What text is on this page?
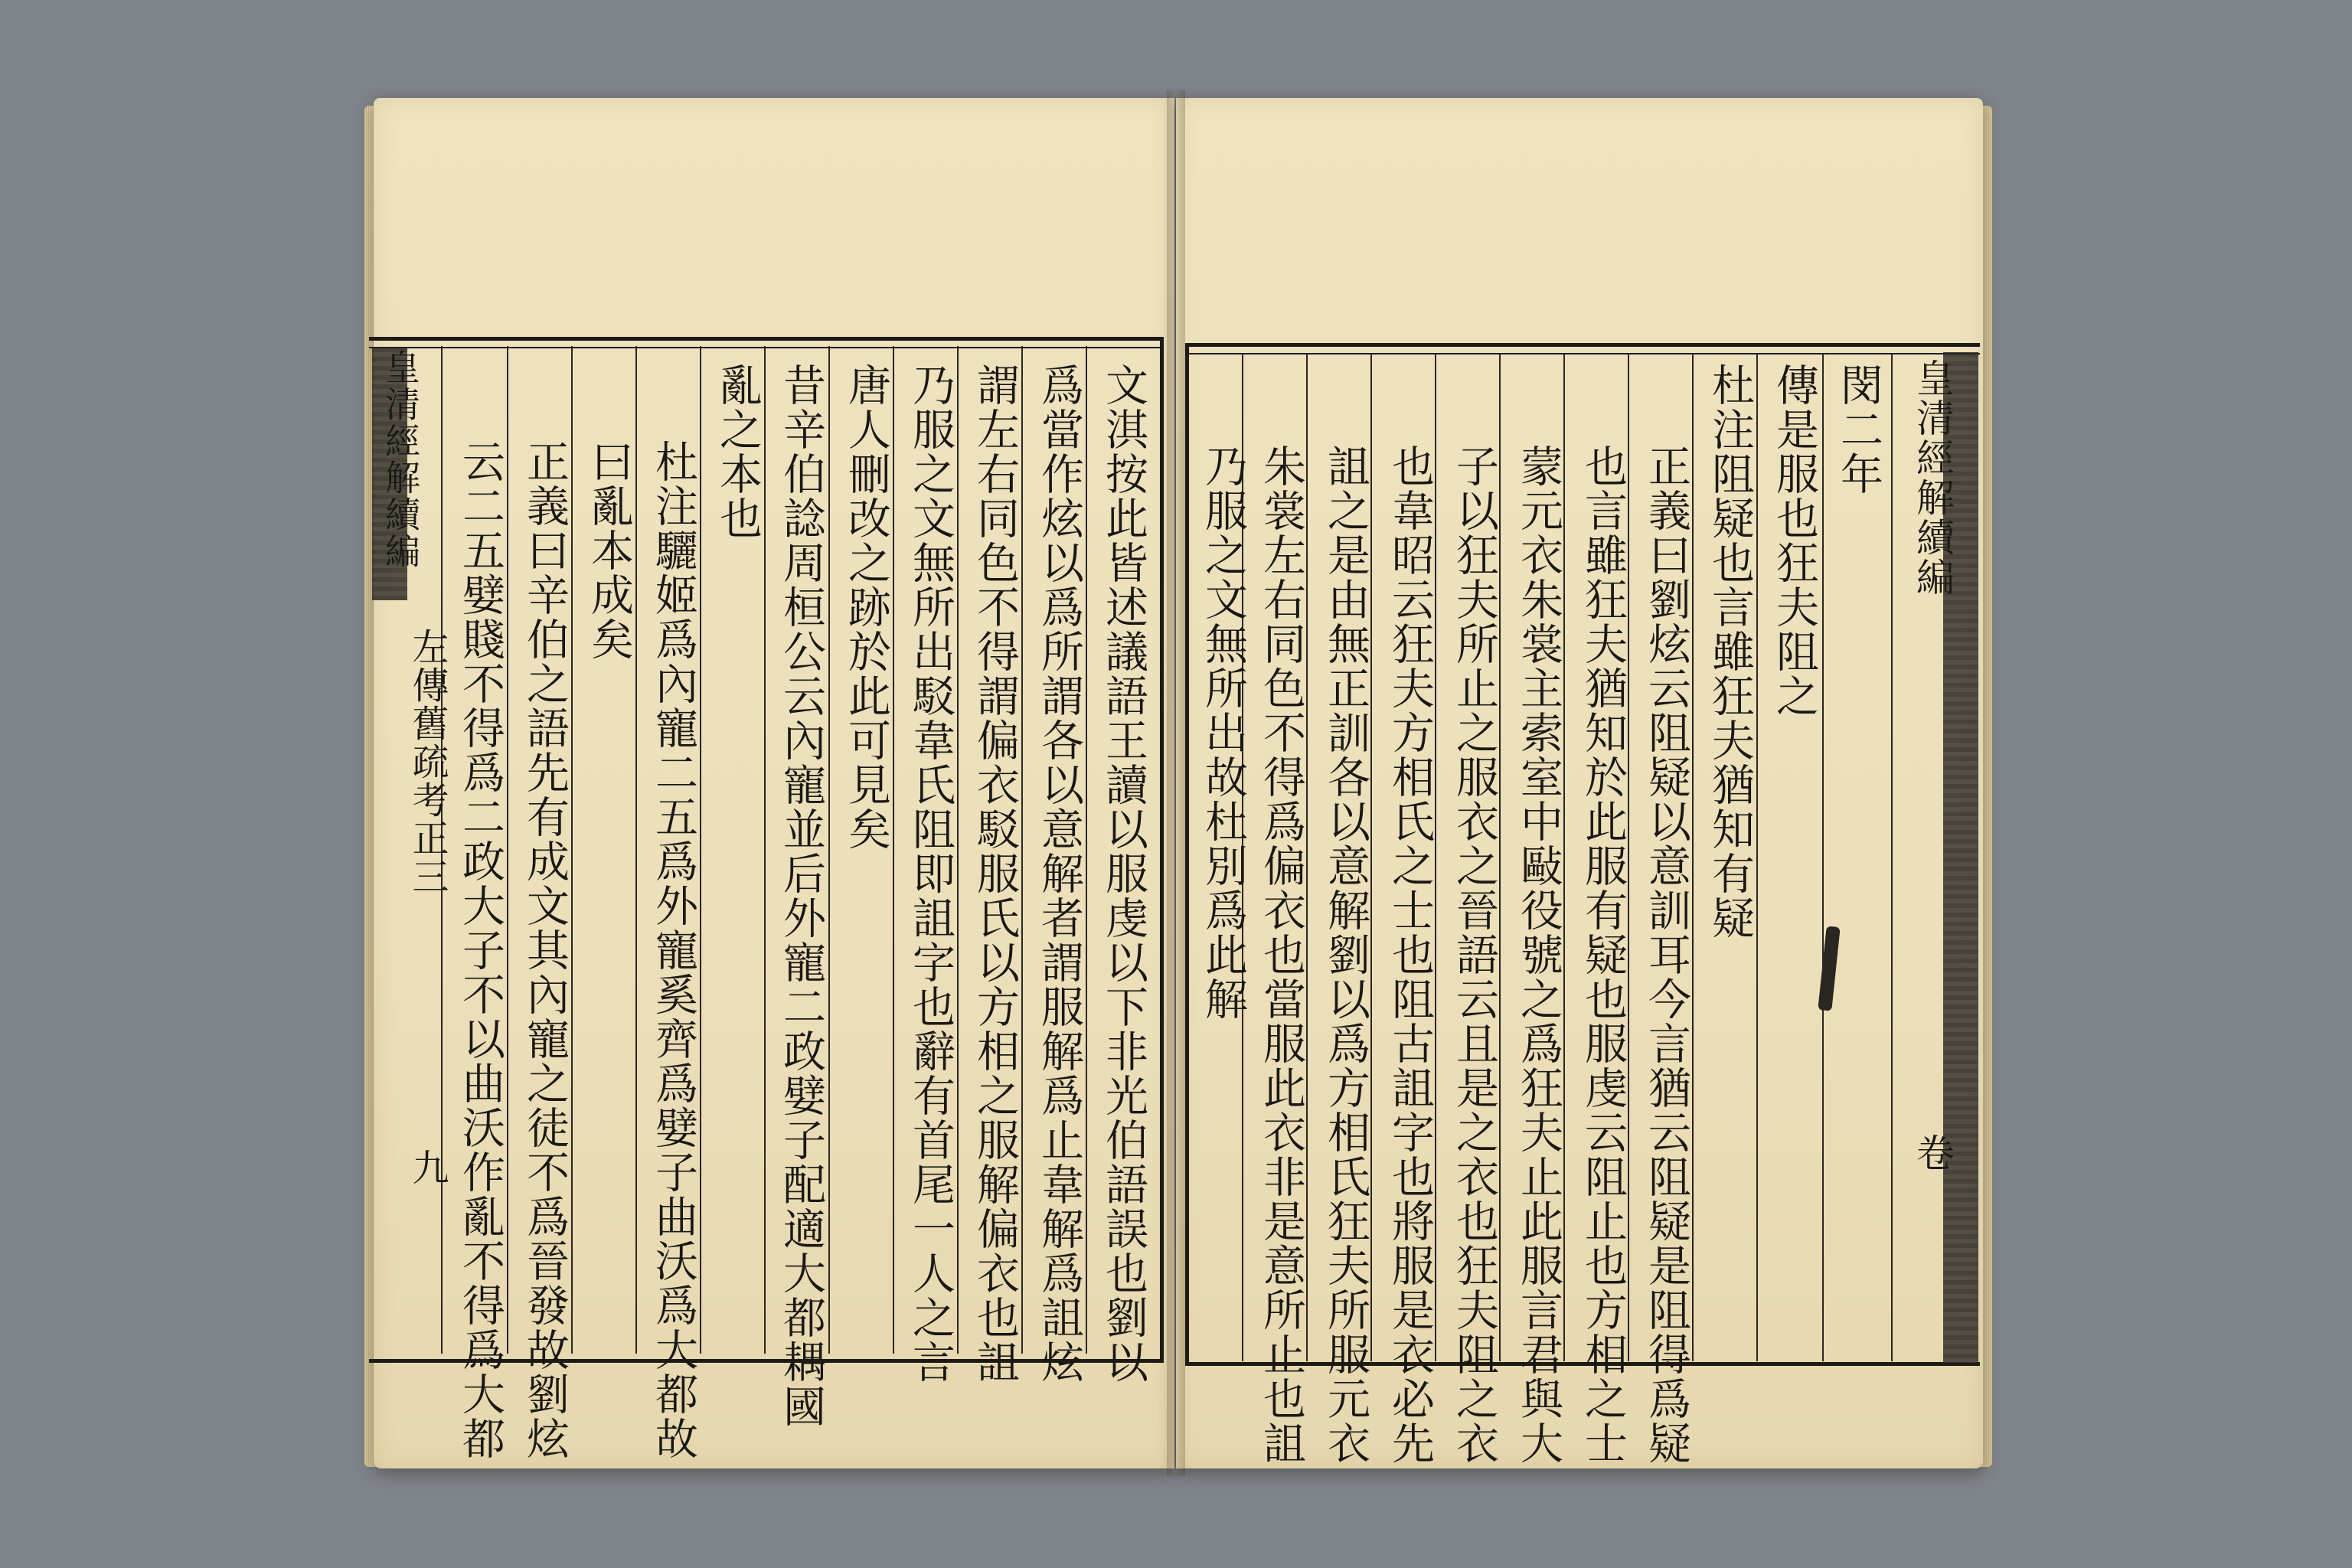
皇清經解續編
卷
閔二年
傳是服也狂夫阻之
杜注阻疑也言雖狂夫猶知有疑
正義曰劉炫云阻疑以意訓耳今言猶云阻疑是阻得爲疑
也言雖狂夫猶知於此服有疑也服虔云阻止也方相之士
蒙元衣朱裳主索室中敺役號之爲狂夫止此服言君與大
子以狂夫所止之服衣之晉語云且是之衣也狂夫阻之衣
也韋昭云狂夫方相氏之士也阻古詛字也將服是衣必先
詛之是由無正訓各以意解劉以爲方相氏狂夫所服元衣
朱裳左右同色不得爲偏衣也當服此衣非是意所止也詛
乃服之文無所出故杜別爲此解
文淇按此皆述議語王讀以服虔以下非光伯語誤也劉以
爲當作炫以爲所謂各以意解者謂服解爲止韋解爲詛炫
謂左右同色不得謂偏衣駁服氏以方相之服解偏衣也詛
乃服之文無所出駁韋氏阻即詛字也辭有首尾一人之言
唐人刪改之跡於此可見矣
昔辛伯諗周桓公云內寵並后外寵二政嬖子配適大都耦國
亂之本也
杜注驪姬爲內寵二五爲外寵奚齊爲嬖子曲沃爲大都故
曰亂本成矣
正義曰辛伯之語先有成文其內寵之徒不爲晉發故劉炫
云二五嬖賤不得爲二政大子不以曲沃作亂不得爲大都
皇清經解續編
左傳舊疏考正三
九
